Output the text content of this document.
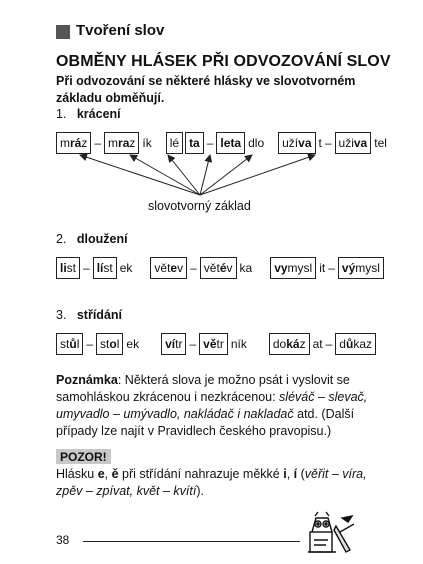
Tvoření slov
OBMĚNY HLÁSEK PŘI ODVOZOVÁNÍ SLOV
Při odvozování se některé hlásky ve slovotvorném
základu obměňují.
1. krácení
mráz – mraz ík	lé ta – leta dlo	užíva t – uživa tel
slovotvorný základ
2. dloužení
list – líst ek	větev – větév ka	vymysl it – výmysl
3. střídání
stůl – stol ek	vítr – větr ník	dokáz at – důkaz
Poznámka: Některá slova je možno psát i vyslovit se
samohláskou zkrácenou i nezkrácenou: sléváč – slevač,
umyvadlo – umývadlo, nakládač i nakladač atd. (Další
případy lze najít v Pravidlech českého pravopisu.)
POZOR!
Hlásku e, ě při střídání nahrazuje měkké i, í (věřit – víra,
zpěv – zpívat, květ – kvítí).
38
